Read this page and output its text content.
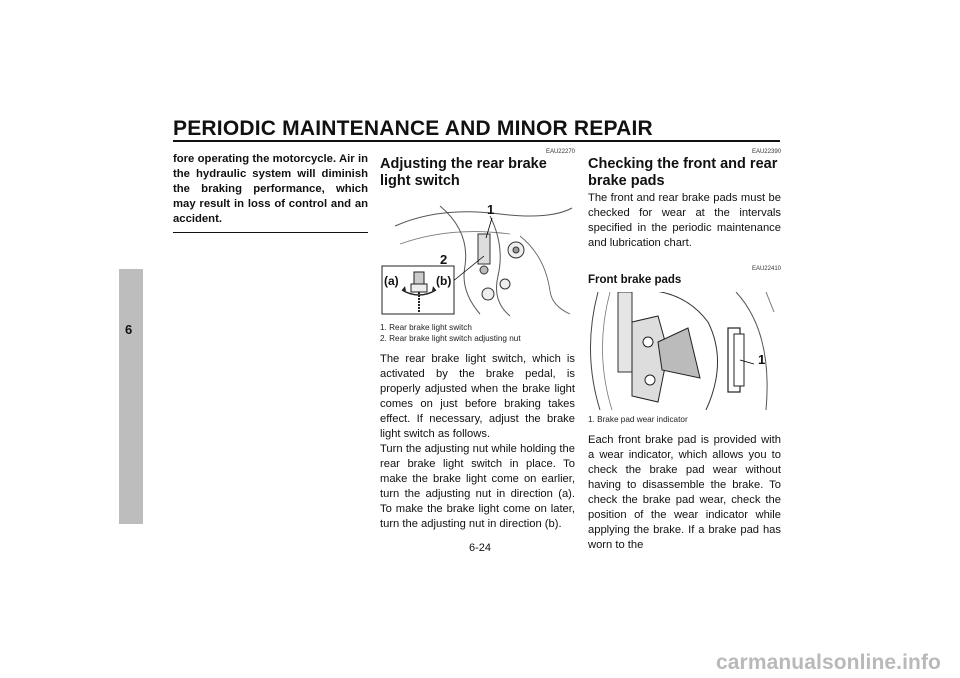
PERIODIC MAINTENANCE AND MINOR REPAIR
6
fore operating the motorcycle. Air in the hydraulic system will diminish the braking performance, which may result in loss of control and an accident.
EAU22270
Adjusting the rear brake light switch
1
2
(a)	(b)
1. Rear brake light switch
2. Rear brake light switch adjusting nut

The rear brake light switch, which is activated by the brake pedal, is properly adjusted when the brake light comes on just before braking takes effect. If necessary, adjust the brake light switch as follows.

Turn the adjusting nut while holding the rear brake light switch in place. To make the brake light come on earlier, turn the adjusting nut in direction (a). To make the brake light come on later, turn the adjusting nut in direction (b).

EAU22390
Checking the front and rear brake pads

The front and rear brake pads must be checked for wear at the intervals specified in the periodic maintenance and lubrication chart.

EAU22410
Front brake pads
1
1. Brake pad wear indicator

Each front brake pad is provided with a wear indicator, which allows you to check the brake pad wear without having to disassemble the brake. To check the brake pad wear, check the position of the wear indicator while applying the brake. If a brake pad has worn to the

6-24
carmanualsonline.info
